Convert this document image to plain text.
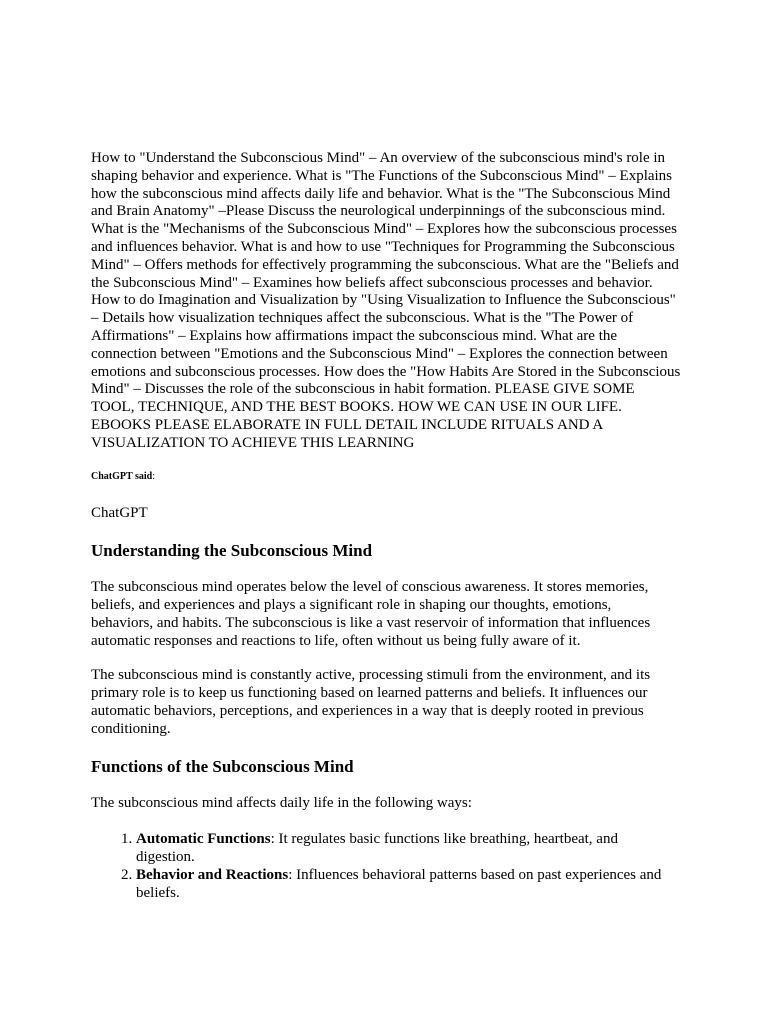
How to "Understand the Subconscious Mind" – An overview of the subconscious mind's role in shaping behavior and experience. What is "The Functions of the Subconscious Mind" – Explains how the subconscious mind affects daily life and behavior. What is the "The Subconscious Mind and Brain Anatomy" –Please Discuss the neurological underpinnings of the subconscious mind. What is the "Mechanisms of the Subconscious Mind" – Explores how the subconscious processes and influences behavior. What is and how to use "Techniques for Programming the Subconscious Mind" – Offers methods for effectively programming the subconscious. What are the "Beliefs and the Subconscious Mind" – Examines how beliefs affect subconscious processes and behavior. How to do Imagination and Visualization by "Using Visualization to Influence the Subconscious" – Details how visualization techniques affect the subconscious. What is the "The Power of Affirmations" – Explains how affirmations impact the subconscious mind. What are the connection between "Emotions and the Subconscious Mind" – Explores the connection between emotions and subconscious processes. How does the "How Habits Are Stored in the Subconscious Mind" – Discusses the role of the subconscious in habit formation. PLEASE GIVE SOME TOOL, TECHNIQUE, AND THE BEST BOOKS. HOW WE CAN USE IN OUR LIFE. EBOOKS PLEASE ELABORATE IN FULL DETAIL INCLUDE RITUALS AND A VISUALIZATION TO ACHIEVE THIS LEARNING

ChatGPT said:
ChatGPT
Understanding the Subconscious Mind

The subconscious mind operates below the level of conscious awareness. It stores memories, beliefs, and experiences and plays a significant role in shaping our thoughts, emotions, behaviors, and habits. The subconscious is like a vast reservoir of information that influences automatic responses and reactions to life, often without us being fully aware of it.

The subconscious mind is constantly active, processing stimuli from the environment, and its primary role is to keep us functioning based on learned patterns and beliefs. It influences our automatic behaviors, perceptions, and experiences in a way that is deeply rooted in previous conditioning.

Functions of the Subconscious Mind

The subconscious mind affects daily life in the following ways:

1. Automatic Functions: It regulates basic functions like breathing, heartbeat, and digestion.
2. Behavior and Reactions: Influences behavioral patterns based on past experiences and beliefs.
